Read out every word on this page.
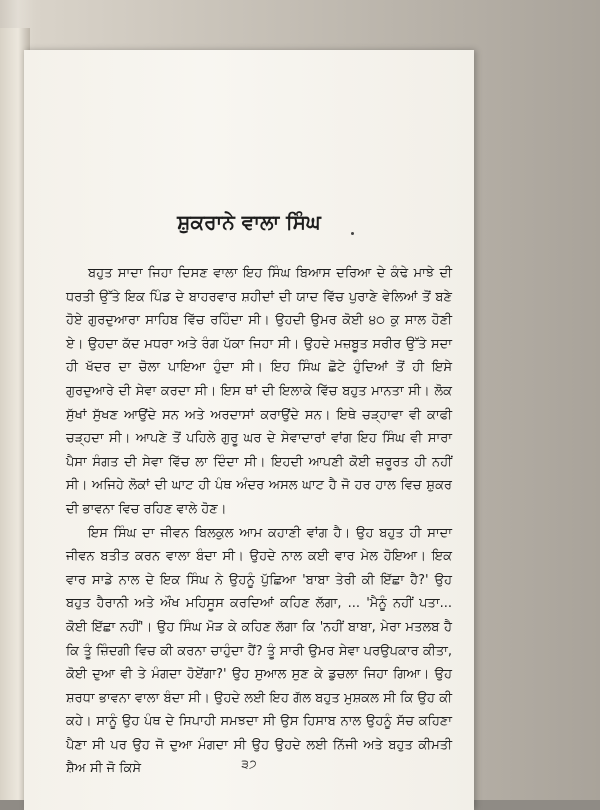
ਸ਼ੁਕਰਾਨੇ ਵਾਲਾ ਸਿੰਘ

ਬਹੁਤ ਸਾਦਾ ਜਿਹਾ ਦਿਸਣ ਵਾਲਾ ਇਹ ਸਿੰਘ ਬਿਆਸ ਦਰਿਆ ਦੇ ਕੰਢੇ ਮਾਝੇ ਦੀ ਧਰਤੀ ਉੱਤੇ ਇਕ ਪਿੰਡ ਦੇ ਬਾਹਰਵਾਰ ਸ਼ਹੀਦਾਂ ਦੀ ਯਾਦ ਵਿੱਚ ਪੁਰਾਣੇ ਵੇਲਿਆਂ ਤੋਂ ਬਣੇ ਹੋਏ ਗੁਰਦੁਆਰਾ ਸਾਹਿਬ ਵਿੱਚ ਰਹਿੰਦਾ ਸੀ। ਉਹਦੀ ਉਮਰ ਕੋਈ ੪੦ ਕੁ ਸਾਲ ਹੋਣੀ ਏ। ਉਹਦਾ ਕੱਦ ਮਧਰਾ ਅਤੇ ਰੰਗ ਪੱਕਾ ਜਿਹਾ ਸੀ। ਉਹਦੇ ਮਜ਼ਬੂਤ ਸਰੀਰ ਉੱਤੇ ਸਦਾ ਹੀ ਖੱਦਰ ਦਾ ਚੋਲਾ ਪਾਇਆ ਹੁੰਦਾ ਸੀ। ਇਹ ਸਿੰਘ ਛੋਟੇ ਹੁੰਦਿਆਂ ਤੋਂ ਹੀ ਇਸੇ ਗੁਰਦੁਆਰੇ ਦੀ ਸੇਵਾ ਕਰਦਾ ਸੀ। ਇਸ ਥਾਂ ਦੀ ਇਲਾਕੇ ਵਿੱਚ ਬਹੁਤ ਮਾਨਤਾ ਸੀ। ਲੋਕ ਸੁੱਖਾਂ ਸੁੱਖਣ ਆਉਂਦੇ ਸਨ ਅਤੇ ਅਰਦਾਸਾਂ ਕਰਾਉਂਦੇ ਸਨ। ਇਥੇ ਚੜ੍ਹਾਵਾ ਵੀ ਕਾਫੀ ਚੜ੍ਹਦਾ ਸੀ। ਆਪਣੇ ਤੋਂ ਪਹਿਲੇ ਗੁਰੂ ਘਰ ਦੇ ਸੇਵਾਦਾਰਾਂ ਵਾਂਗ ਇਹ ਸਿੰਘ ਵੀ ਸਾਰਾ ਪੈਸਾ ਸੰਗਤ ਦੀ ਸੇਵਾ ਵਿੱਚ ਲਾ ਦਿੰਦਾ ਸੀ। ਇਹਦੀ ਆਪਣੀ ਕੋਈ ਜ਼ਰੂਰਤ ਹੀ ਨਹੀਂ ਸੀ। ਅਜਿਹੇ ਲੋਕਾਂ ਦੀ ਘਾਟ ਹੀ ਪੰਥ ਅੰਦਰ ਅਸਲ ਘਾਟ ਹੈ ਜੋ ਹਰ ਹਾਲ ਵਿਚ ਸ਼ੁਕਰ ਦੀ ਭਾਵਨਾ ਵਿਚ ਰਹਿਣ ਵਾਲੇ ਹੋਣ।

ਇਸ ਸਿੰਘ ਦਾ ਜੀਵਨ ਬਿਲਕੁਲ ਆਮ ਕਹਾਣੀ ਵਾਂਗ ਹੈ। ਉਹ ਬਹੁਤ ਹੀ ਸਾਦਾ ਜੀਵਨ ਬਤੀਤ ਕਰਨ ਵਾਲਾ ਬੰਦਾ ਸੀ। ਉਹਦੇ ਨਾਲ ਕਈ ਵਾਰ ਮੇਲ ਹੋਇਆ। ਇਕ ਵਾਰ ਸਾਡੇ ਨਾਲ ਦੇ ਇਕ ਸਿੰਘ ਨੇ ਉਹਨੂੰ ਪੁੱਛਿਆ 'ਬਾਬਾ ਤੇਰੀ ਕੀ ਇੱਛਾ ਹੈ?' ਉਹ ਬਹੁਤ ਹੈਰਾਨੀ ਅਤੇ ਔਖ ਮਹਿਸੂਸ ਕਰਦਿਆਂ ਕਹਿਣ ਲੱਗਾ, ... 'ਮੈਨੂੰ ਨਹੀਂ ਪਤਾ... ਕੋਈ ਇੱਛਾ ਨਹੀਂ'। ਉਹ ਸਿੰਘ ਮੋੜ ਕੇ ਕਹਿਣ ਲੱਗਾ ਕਿ 'ਨਹੀਂ ਬਾਬਾ, ਮੇਰਾ ਮਤਲਬ ਹੈ ਕਿ ਤੂੰ ਜ਼ਿੰਦਗੀ ਵਿਚ ਕੀ ਕਰਨਾ ਚਾਹੁੰਦਾ ਹੈਂ? ਤੂੰ ਸਾਰੀ ਉਮਰ ਸੇਵਾ ਪਰਉਪਕਾਰ ਕੀਤਾ, ਕੋਈ ਦੁਆ ਵੀ ਤੇ ਮੰਗਦਾ ਹੋਏਂਗਾ?' ਉਹ ਸੁਆਲ ਸੁਣ ਕੇ ਡੁਚਲਾ ਜਿਹਾ ਗਿਆ। ਉਹ ਸ਼ਰਧਾ ਭਾਵਨਾ ਵਾਲਾ ਬੰਦਾ ਸੀ। ਉਹਦੇ ਲਈ ਇਹ ਗੱਲ ਬਹੁਤ ਮੁਸ਼ਕਲ ਸੀ ਕਿ ਉਹ ਕੀ ਕਹੇ। ਸਾਨੂੰ ਉਹ ਪੰਥ ਦੇ ਸਿਪਾਹੀ ਸਮਝਦਾ ਸੀ ਉਸ ਹਿਸਾਬ ਨਾਲ ਉਹਨੂੰ ਸੱਚ ਕਹਿਣਾ ਪੈਣਾ ਸੀ ਪਰ ਉਹ ਜੋ ਦੁਆ ਮੰਗਦਾ ਸੀ ਉਹ ਉਹਦੇ ਲਈ ਨਿੱਜੀ ਅਤੇ ਬਹੁਤ ਕੀਮਤੀ ਸ਼ੈਅ ਸੀ ਜੋ ਕਿਸੇ	੩੭
